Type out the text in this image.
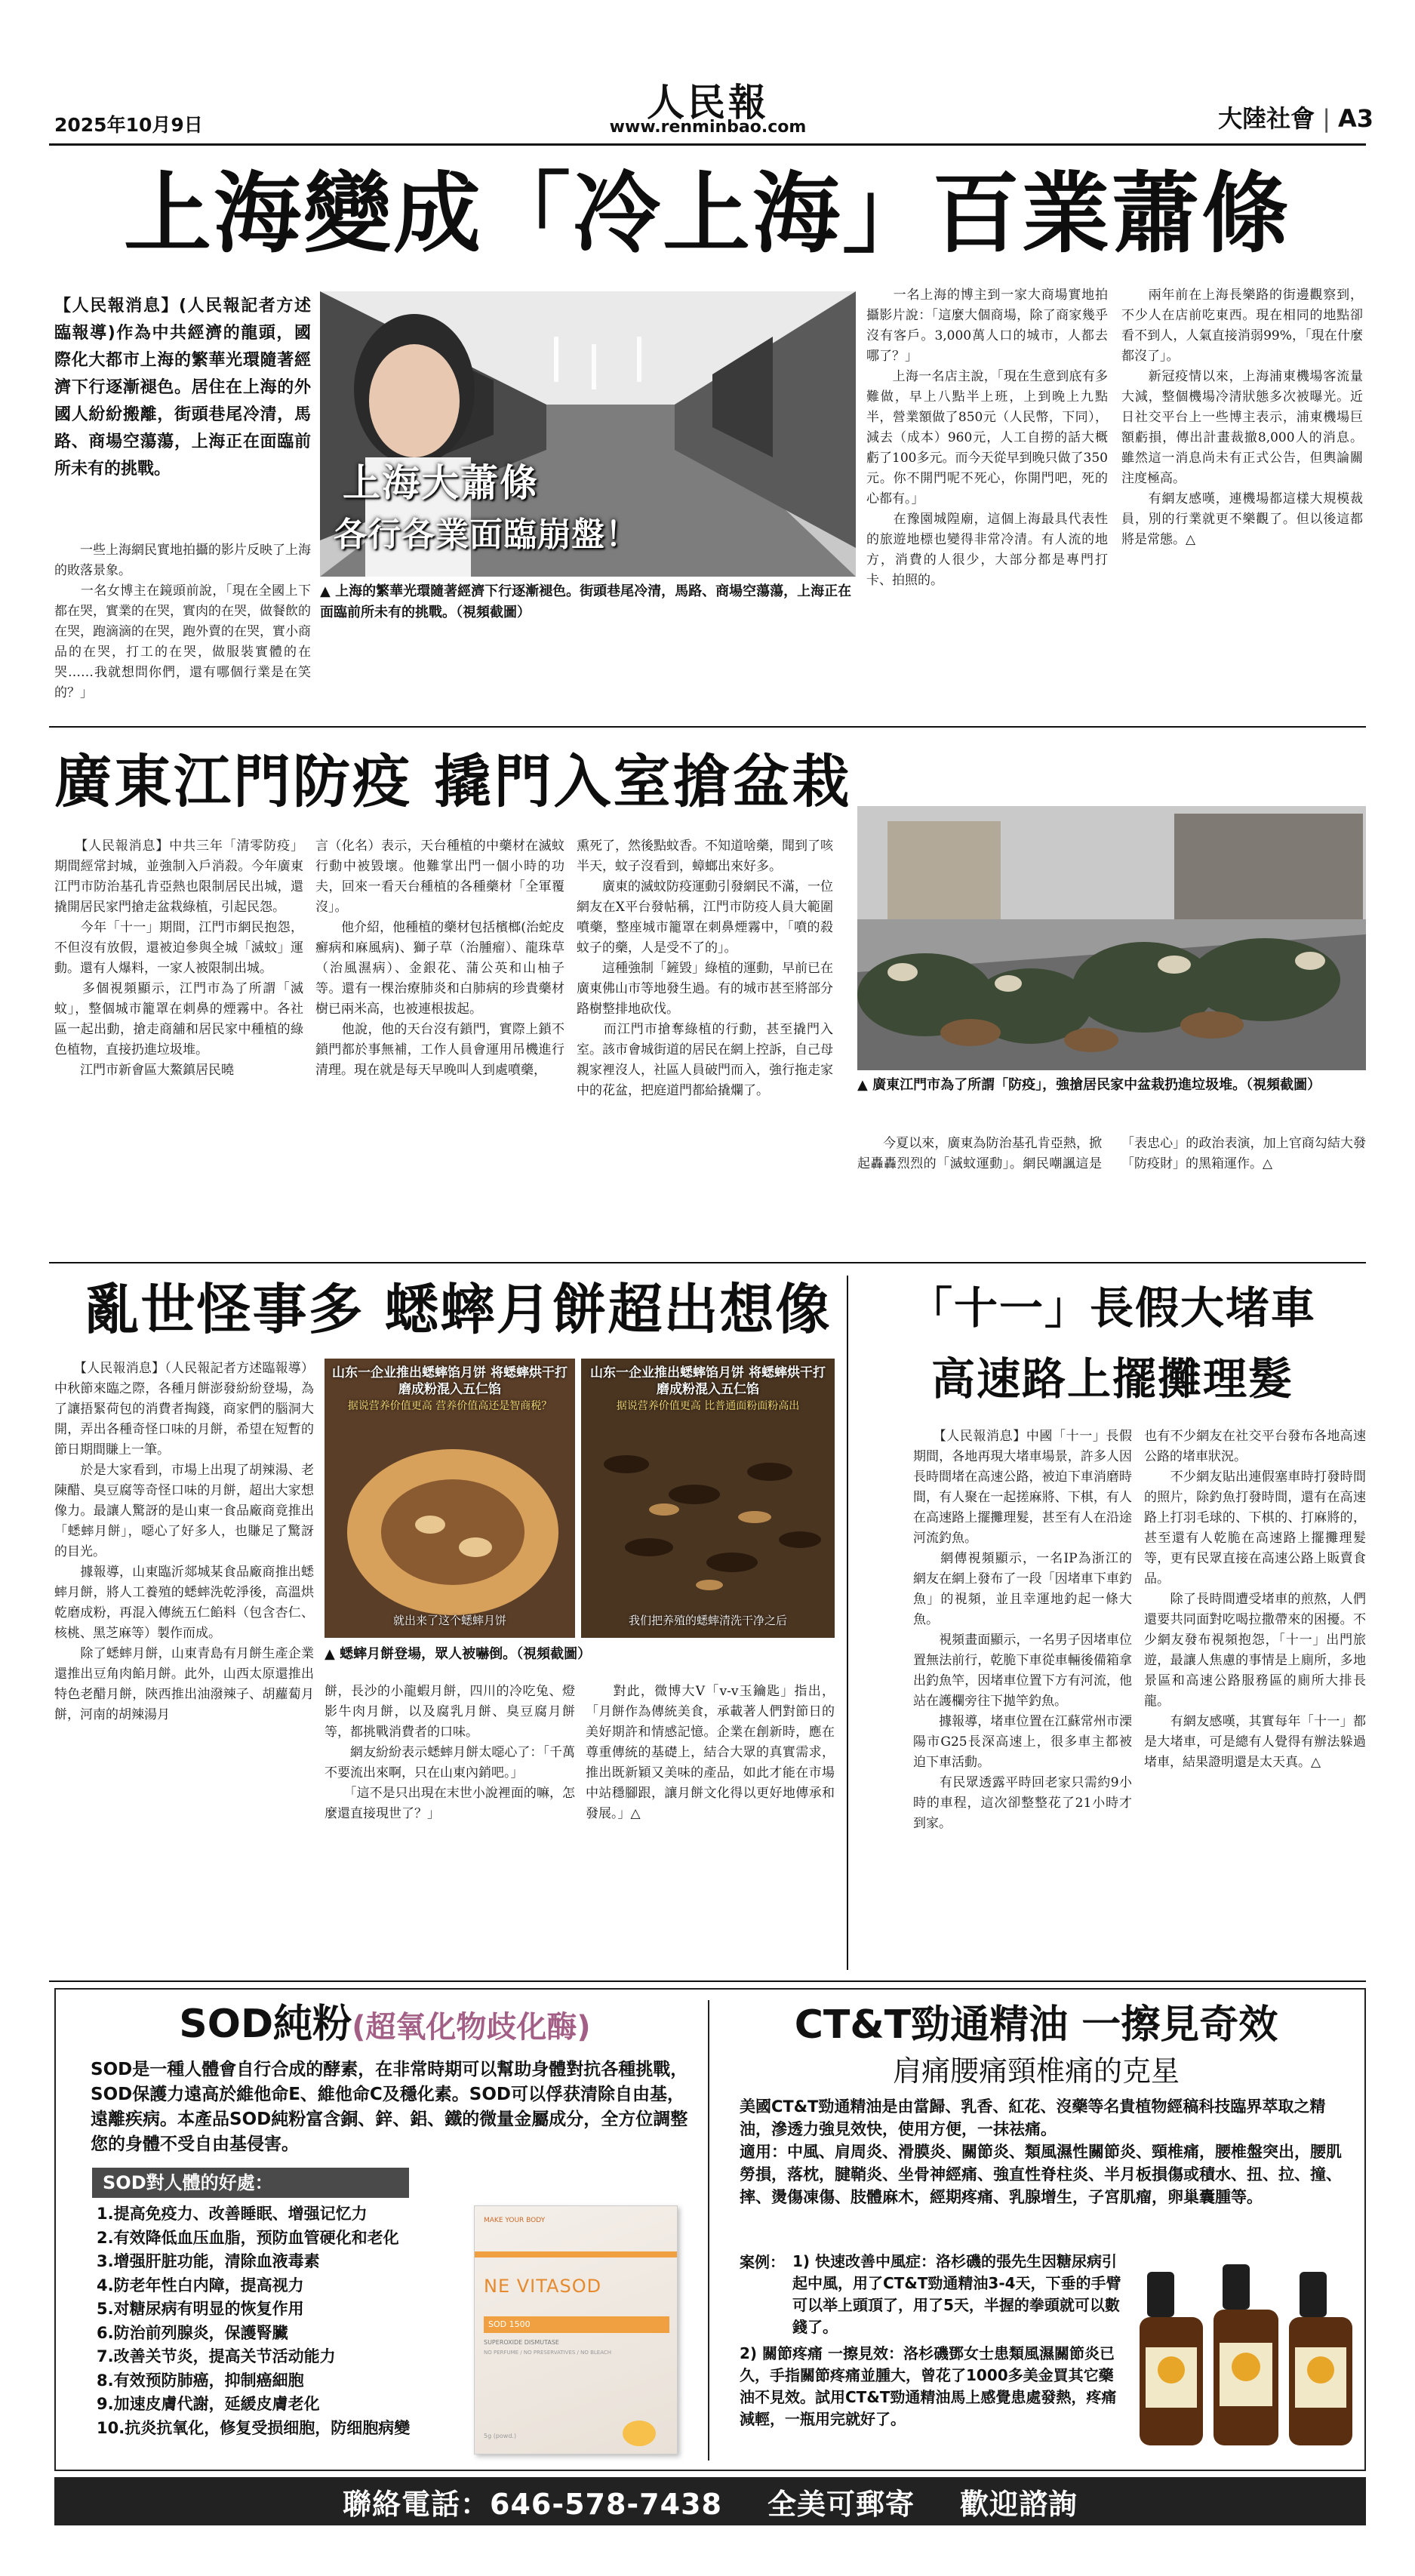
2025年10月9日
人民報
www.renminbao.com	大陸社會 | A3
上海變成「冷上海」百業蕭條
【人民報消息】(人民報記者方述臨報導)作為中共經濟的龍頭，國際化大都市上海的繁華光環隨著經濟下行逐漸褪色。居住在上海的外國人紛紛搬離，街頭巷尾冷清，馬路、商場空蕩蕩，上海正在面臨前所未有的挑戰。
　　一些上海網民實地拍攝的影片反映了上海的敗落景象。
　　一名女博主在鏡頭前說，「現在全國上下都在哭，實業的在哭，實肉的在哭，做餐飲的在哭，跑滴滴的在哭，跑外賣的在哭，實小商品的在哭，打工的在哭，做服裝實體的在哭……我就想問你們，還有哪個行業是在笑的？」
上海大蕭條
各行各業面臨崩盤！
▲ 上海的繁華光環隨著經濟下行逐漸褪色。街頭巷尾冷清，馬路、商場空蕩蕩，上海正在面臨前所未有的挑戰。（視頻截圖）
　　一名上海的博主到一家大商場實地拍攝影片說：「這麼大個商場，除了商家幾乎沒有客戶。3,000萬人口的城市，人都去哪了？」
　　上海一名店主說，「現在生意到底有多難做，早上八點半上班，上到晚上九點半，營業額做了850元（人民幣，下同），減去（成本）960元，人工自撈的話大概虧了100多元。而今天從早到晚只做了350元。你不開門呢不死心，你開門吧，死的心都有。」
　　在豫園城隍廟，這個上海最具代表性的旅遊地標也變得非常冷清。有人流的地方，消費的人很少，大部分都是專門打卡、拍照的。
　　兩年前在上海長樂路的街邊觀察到，不少人在店前吃東西。現在相同的地點卻看不到人，人氣直接消弱99%，「現在什麼都沒了」。
　　新冠疫情以來，上海浦東機場客流量大減，整個機場冷清狀態多次被曝光。近日社交平台上一些博主表示，浦東機場巨額虧損，傳出計畫裁撤8,000人的消息。雖然這一消息尚未有正式公告，但輿論關注度極高。
　　有網友感嘆，連機場都這樣大規模裁員，別的行業就更不樂觀了。但以後這都將是常態。△
廣東江門防疫 撬門入室搶盆栽
　　【人民報消息】中共三年「清零防疫」期間經常封城，並強制入戶消殺。今年廣東江門市防治基孔肯亞熱也限制居民出城，還撬開居民家門搶走盆栽綠植，引起民怨。
　　今年「十一」期間，江門市網民抱怨，不但沒有放假，還被迫參與全城「滅蚊」運動。還有人爆料，一家人被限制出城。
　　多個視頻顯示，江門市為了所謂「滅蚊」，整個城市籠罩在刺鼻的煙霧中。各社區一起出動，搶走商舖和居民家中種植的綠色植物，直接扔進垃圾堆。
　　江門市新會區大鰲鎮居民曉
言（化名）表示，天台種植的中藥材在滅蚊行動中被毀壞。他難掌出門一個小時的功夫，回來一看天台種植的各種藥材「全軍覆沒」。
　　他介紹，他種植的藥材包括檳榔(治蛇皮癬病和麻風病)、獅子草（治腫瘤）、龍珠草（治風濕病）、金銀花、蒲公英和山柚子等。還有一棵治療肺炎和白肺病的珍貴藥材樹已兩米高，也被連根拔起。
　　他說，他的天台沒有鎖門，實際上鎖不鎖門都於事無補，工作人員會運用吊機進行清理。現在就是每天早晚叫人到處噴藥，
熏死了，然後點蚊香。不知道啥藥，聞到了咳半天，蚊子沒看到，蟑螂出來好多。
　　廣東的滅蚊防疫運動引發網民不滿，一位網友在X平台發帖稱，江門市防疫人員大範圍噴藥，整座城市籠罩在刺鼻煙霧中，「噴的殺蚊子的藥，人是受不了的」。
　　這種強制「鏟毀」綠植的運動，早前已在廣東佛山市等地發生過。有的城市甚至將部分路樹整排地砍伐。
　　而江門市搶奪綠植的行動，甚至撬門入室。該市會城街道的居民在網上控訴，自己母親家裡沒人，社區人員破門而入，強行拖走家中的花盆，把庭道門都給撬爛了。	▲ 廣東江門市為了所謂「防疫」，強搶居民家中盆栽扔進垃圾堆。（視頻截圖）
　　今夏以來，廣東為防治基孔肯亞熱，掀起轟轟烈烈的「滅蚊運動」。網民嘲諷這是「表忠心」的政治表演，加上官商勾結大發「防疫財」的黑箱運作。△
亂世怪事多 蟋蟀月餅超出想像
　　【人民報消息】（人民報記者方述臨報導）中秋節來臨之際，各種月餅澎發紛紛登場，為了讓捂緊荷包的消費者掏錢，商家們的腦洞大開，弄出各種奇怪口味的月餅，希望在短暫的節日期間賺上一筆。
　　於是大家看到，市場上出現了胡辣湯、老陳醋、臭豆腐等奇怪口味的月餅，超出大家想像力。最讓人驚訝的是山東一食品廠商竟推出「蟋蟀月餅」，噁心了好多人，也賺足了驚訝的目光。
　　據報導，山東臨沂郯城某食品廠商推出蟋蟀月餅，將人工養殖的蟋蟀洗乾淨後，高溫烘乾磨成粉，再混入傳統五仁餡料（包含杏仁、核桃、黑芝麻等）製作而成。
　　除了蟋蟀月餅，山東青島有月餅生產企業還推出豆角肉餡月餅。此外，山西太原還推出特色老醋月餅，陝西推出油潑辣子、胡蘿蔔月餅，河南的胡辣湯月
山东一企业推出蟋蟀馅月饼 将蟋蟀烘干打磨成粉混入五仁馅
据说营养价值更高 营养价值高还是智商税？
就出来了这个蟋蟀月饼
山东一企业推出蟋蟀馅月饼 将蟋蟀烘干打磨成粉混入五仁馅
据说营养价值更高 比普通面粉面粉高出
我们把养殖的蟋蟀清洗干净之后
▲ 蟋蟀月餅登場，眾人被嚇倒。（視頻截圖）
餅，長沙的小龍蝦月餅，四川的冷吃兔、燈影牛肉月餅，以及腐乳月餅、臭豆腐月餅等，都挑戰消費者的口味。
　　網友紛紛表示蟋蟀月餅太噁心了：「千萬不要流出來啊，只在山東內銷吧。」
　　「這不是只出現在末世小說裡面的嘛，怎麼還直接現世了？」
　　對此，微博大V「v-v玉鑰匙」指出，「月餅作為傳統美食，承載著人們對節日的美好期許和情感記憶。企業在創新時，應在尊重傳統的基礎上，結合大眾的真實需求，推出既新穎又美味的產品，如此才能在市場中站穩腳跟，讓月餅文化得以更好地傳承和發展。」△
「十一」長假大堵車
高速路上擺攤理髮
　　【人民報消息】中國「十一」長假期間，各地再現大堵車場景，許多人因長時間堵在高速公路，被迫下車消磨時間，有人聚在一起搓麻將、下棋，有人在高速路上擺攤理髮，甚至有人在沿途河流釣魚。
　　網傳視頻顯示，一名IP為浙江的網友在網上發布了一段「因堵車下車釣魚」的視頻，並且幸運地釣起一條大魚。
　　視頻畫面顯示，一名男子因堵車位置無法前行，乾脆下車從車輛後備箱拿出釣魚竿，因堵車位置下方有河流，他站在護欄旁往下拋竿釣魚。
　　據報導，堵車位置在江蘇常州市溧陽市G25長深高速上，很多車主都被迫下車活動。
　　有民眾透露平時回老家只需約9小時的車程，這次卻整整花了21小時才到家。
也有不少網友在社交平台發布各地高速公路的堵車狀況。
　　不少網友貼出連假塞車時打發時間的照片，除釣魚打發時間，還有在高速路上打羽毛球的、下棋的、打麻將的，甚至還有人乾脆在高速路上擺攤理髮等，更有民眾直接在高速公路上販賣食品。
　　除了長時間遭受堵車的煎熬，人們還要共同面對吃喝拉撒帶來的困擾。不少網友發布視頻抱怨，「十一」出門旅遊，最讓人焦慮的事情是上廁所，多地景區和高速公路服務區的廁所大排長龍。
　　有網友感嘆，其實每年「十一」都是大堵車，可是總有人覺得有辦法躲過堵車，結果證明還是太天真。△
SOD純粉(超氧化物歧化酶)
SOD是一種人體會自行合成的酵素，在非常時期可以幫助身體對抗各種挑戰，SOD保護力遠高於維他命E、維他命C及穩化素。SOD可以俘获清除自由基，遠離疾病。本產品SOD純粉富含銅、鋅、鋁、鐵的微量金屬成分，全方位調整您的身體不受自由基侵害。
SOD對人體的好處：
1.提高免疫力、改善睡眠、增强记忆力
2.有效降低血压血脂，预防血管硬化和老化
3.增强肝脏功能，清除血液毒素
4.防老年性白内障，提高视力
5.对糖尿病有明显的恢复作用
6.防治前列腺炎，保護腎臟
7.改善关节炎，提高关节活动能力
8.有效预防肺癌，抑制癌細胞
9.加速皮膚代謝，延緩皮膚老化
10.抗炎抗氧化，修复受损细胞，防细胞病變
MAKE YOUR BODY
NE VITASOD
SOD 1500
SUPEROXIDE DISMUTASE
NO PERFUME / NO PRESERVATIVES / NO BLEACH
5g (powd.)
CT&T勁通精油 一擦見奇效
肩痛腰痛頸椎痛的克星
美國CT&T勁通精油是由當歸、乳香、紅花、沒藥等名貴植物經稿科技臨界萃取之精油，滲透力強見效快，使用方便，一抹祛痛。
適用：中風、肩周炎、滑膜炎、關節炎、類風濕性關節炎、頸椎痛，腰椎盤突出，腰肌勞損，落枕，腱鞘炎、坐骨神經痛、強直性脊柱炎、半月板損傷或積水、扭、拉、撞、摔、燙傷凍傷、肢體麻木，經期疼痛、乳腺增生，子宮肌瘤，卵巢囊腫等。
案例： 1) 快速改善中風症：洛杉磯的張先生因糖尿病引起中風，用了CT&T勁通精油3-4天，下垂的手臂可以举上頭頂了，用了5天，半握的拳頭就可以數錢了。
2) 關節疼痛 一擦見效：洛杉磯鄧女士患類風濕關節炎已久，手指關節疼痛並腫大，曾花了1000多美金買其它藥油不見效。試用CT&T勁通精油馬上感覺患處發熱，疼痛減輕，一瓶用完就好了。
聯絡電話：646-578-7438 全美可郵寄 歡迎諮詢
